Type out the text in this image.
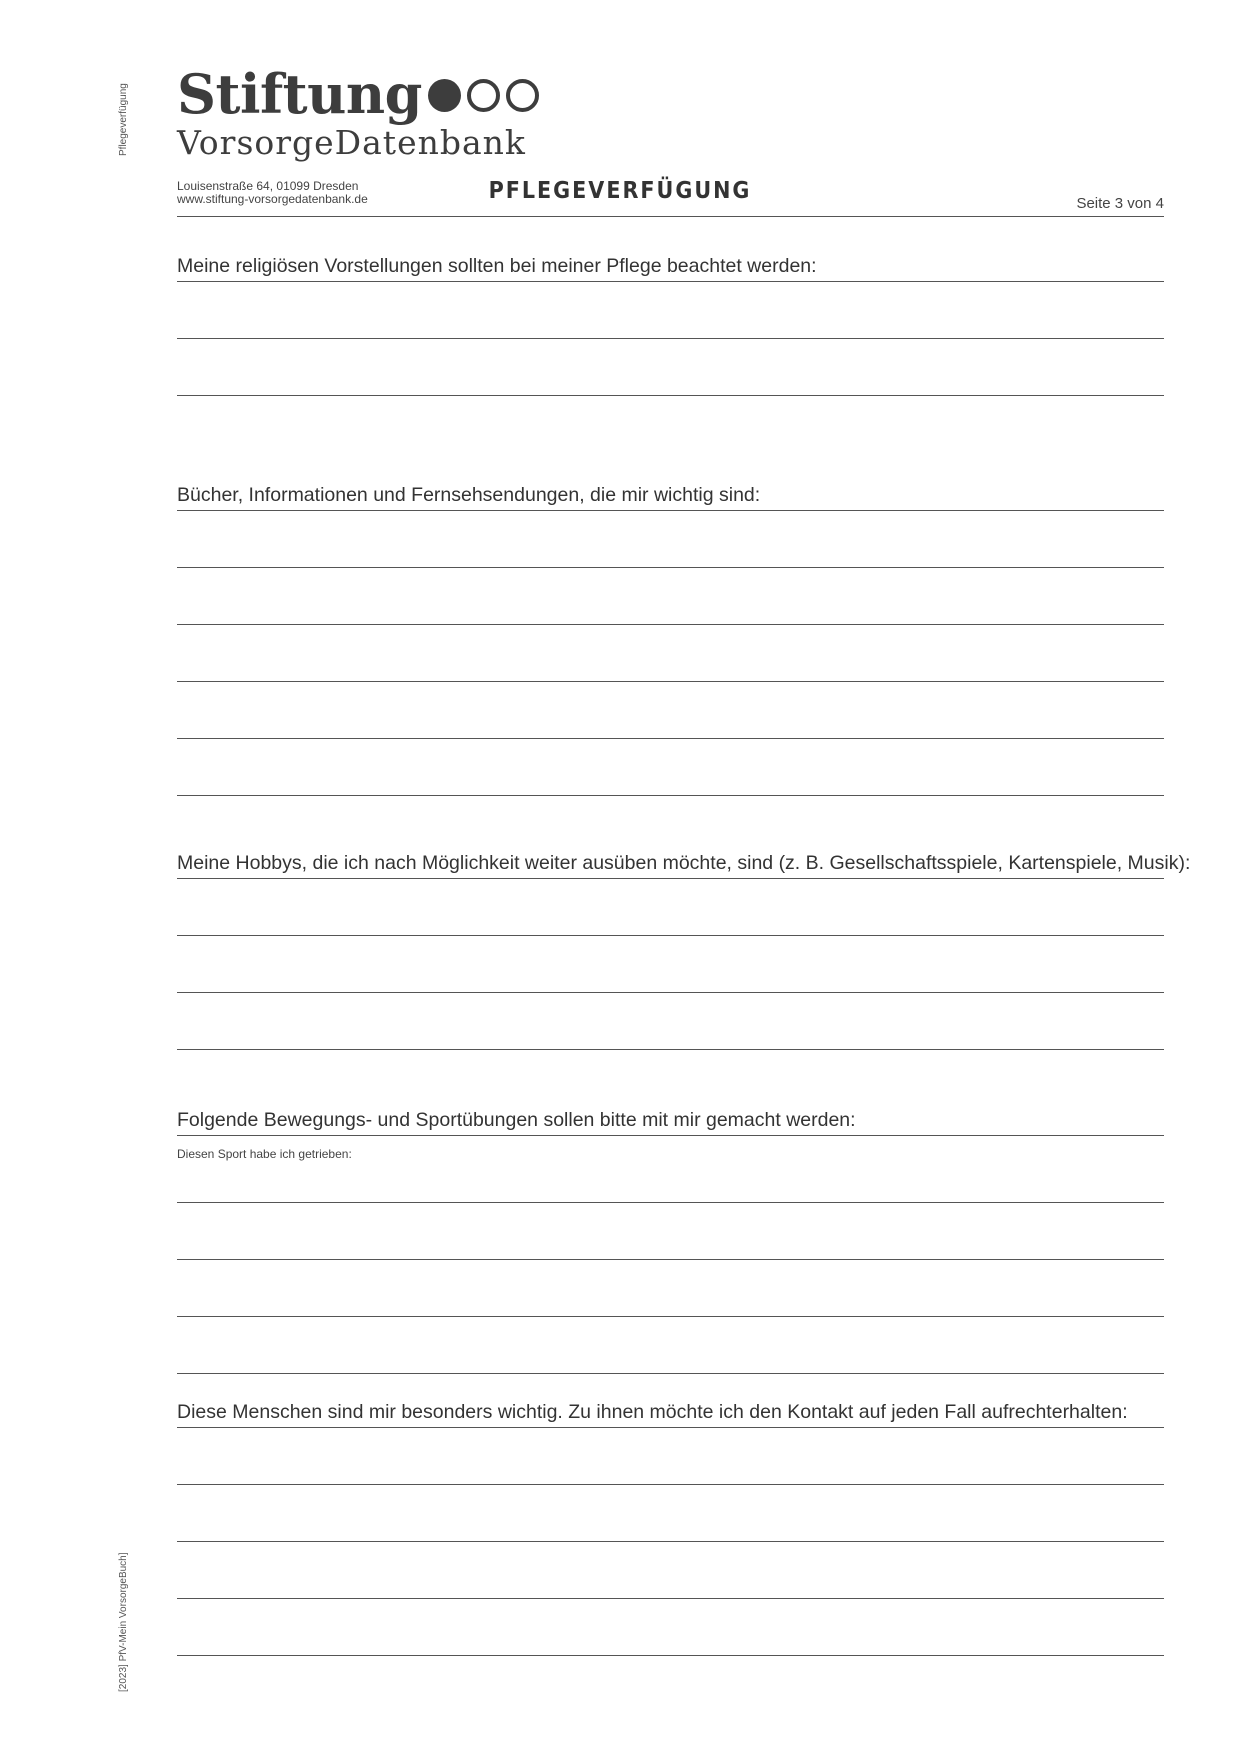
Pflegeverfügung
[2023] PfV-Mein VorsorgeBuch]
Stiftung
VorsorgeDatenbank
Louisenstraße 64, 01099 Dresden
www.stiftung-vorsorgedatenbank.de	PFLEGEVERFÜGUNG	Seite 3 von 4
Meine religiösen Vorstellungen sollten bei meiner Pflege beachtet werden:
Bücher, Informationen und Fernsehsendungen, die mir wichtig sind:
Meine Hobbys, die ich nach Möglichkeit weiter ausüben möchte, sind (z. B. Gesellschaftsspiele, Kartenspiele, Musik):
Folgende Bewegungs- und Sportübungen sollen bitte mit mir gemacht werden:
Diesen Sport habe ich getrieben:
Diese Menschen sind mir besonders wichtig. Zu ihnen möchte ich den Kontakt auf jeden Fall aufrechterhalten:
